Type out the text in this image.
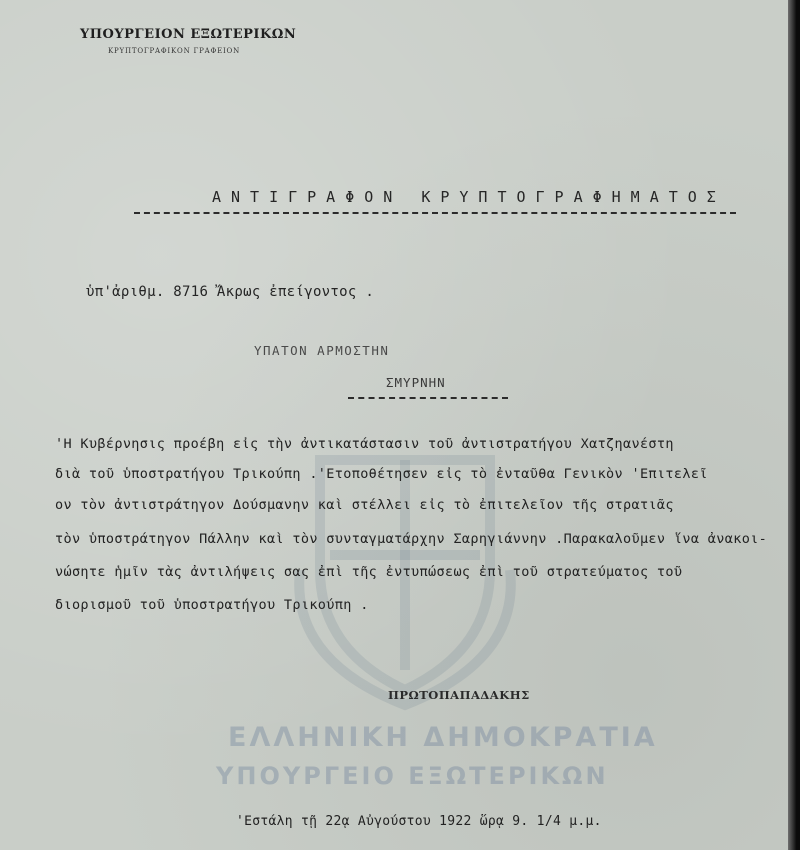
ΥΠΟΥΡΓΕΙΟΝ ΕΞΩΤΕΡΙΚΩΝ
ΚΡΥΠΤΟΓΡΑΦΙΚΟΝ ΓΡΑΦΕΙΟΝ
ΑΝΤΙΓΡΑΦΟΝ ΚΡΥΠΤΟΓΡΑΦΗΜΑΤΟΣ
ὑπ'ἀριθμ. 8716 Ἄκρως ἐπείγοντος .
ΥΠΑΤΟΝ ΑΡΜΟΣΤΗΝ
ΣΜΥΡΝΗΝ
'Η Κυβέρνησις προέβη εἰς τὴν ἀντικατάστασιν τοῦ ἀντιστρατήγου Χατζηανέστη
διὰ τοῦ ὑποστρατήγου Τρικούπη .'Ετοποθέτησεν εἰς τὸ ἐνταῦθα Γενικὸν 'Επιτελεῖ
ον τὸν ἀντιστράτηγον Δούσμανην καὶ στέλλει εἰς τὸ ἐπιτελεῖον τῆς στρατιᾶς
τὸν ὑποστράτηγον Πάλλην καὶ τὸν συνταγματάρχην Σαρηγιάννην .Παρακαλοῦμεν ἵνα ἀνακοι-
νώσητε ἡμῖν τὰς ἀντιλήψεις σας ἐπὶ τῆς ἐντυπώσεως ἐπὶ τοῦ στρατεύματος τοῦ
διορισμοῦ τοῦ ὑποστρατήγου Τρικούπη .
ΠΡΩΤΟΠΑΠΑΔΑΚΗΣ
ΕΛΛΗΝΙΚΗ ΔΗΜΟΚΡΑΤΙΑ
ΥΠΟΥΡΓΕΙΟ ΕΞΩΤΕΡΙΚΩΝ
'Εστάλη τῇ 22ᾳ Αὐγούστου 1922 ὥρᾳ 9. 1/4 μ.μ.
